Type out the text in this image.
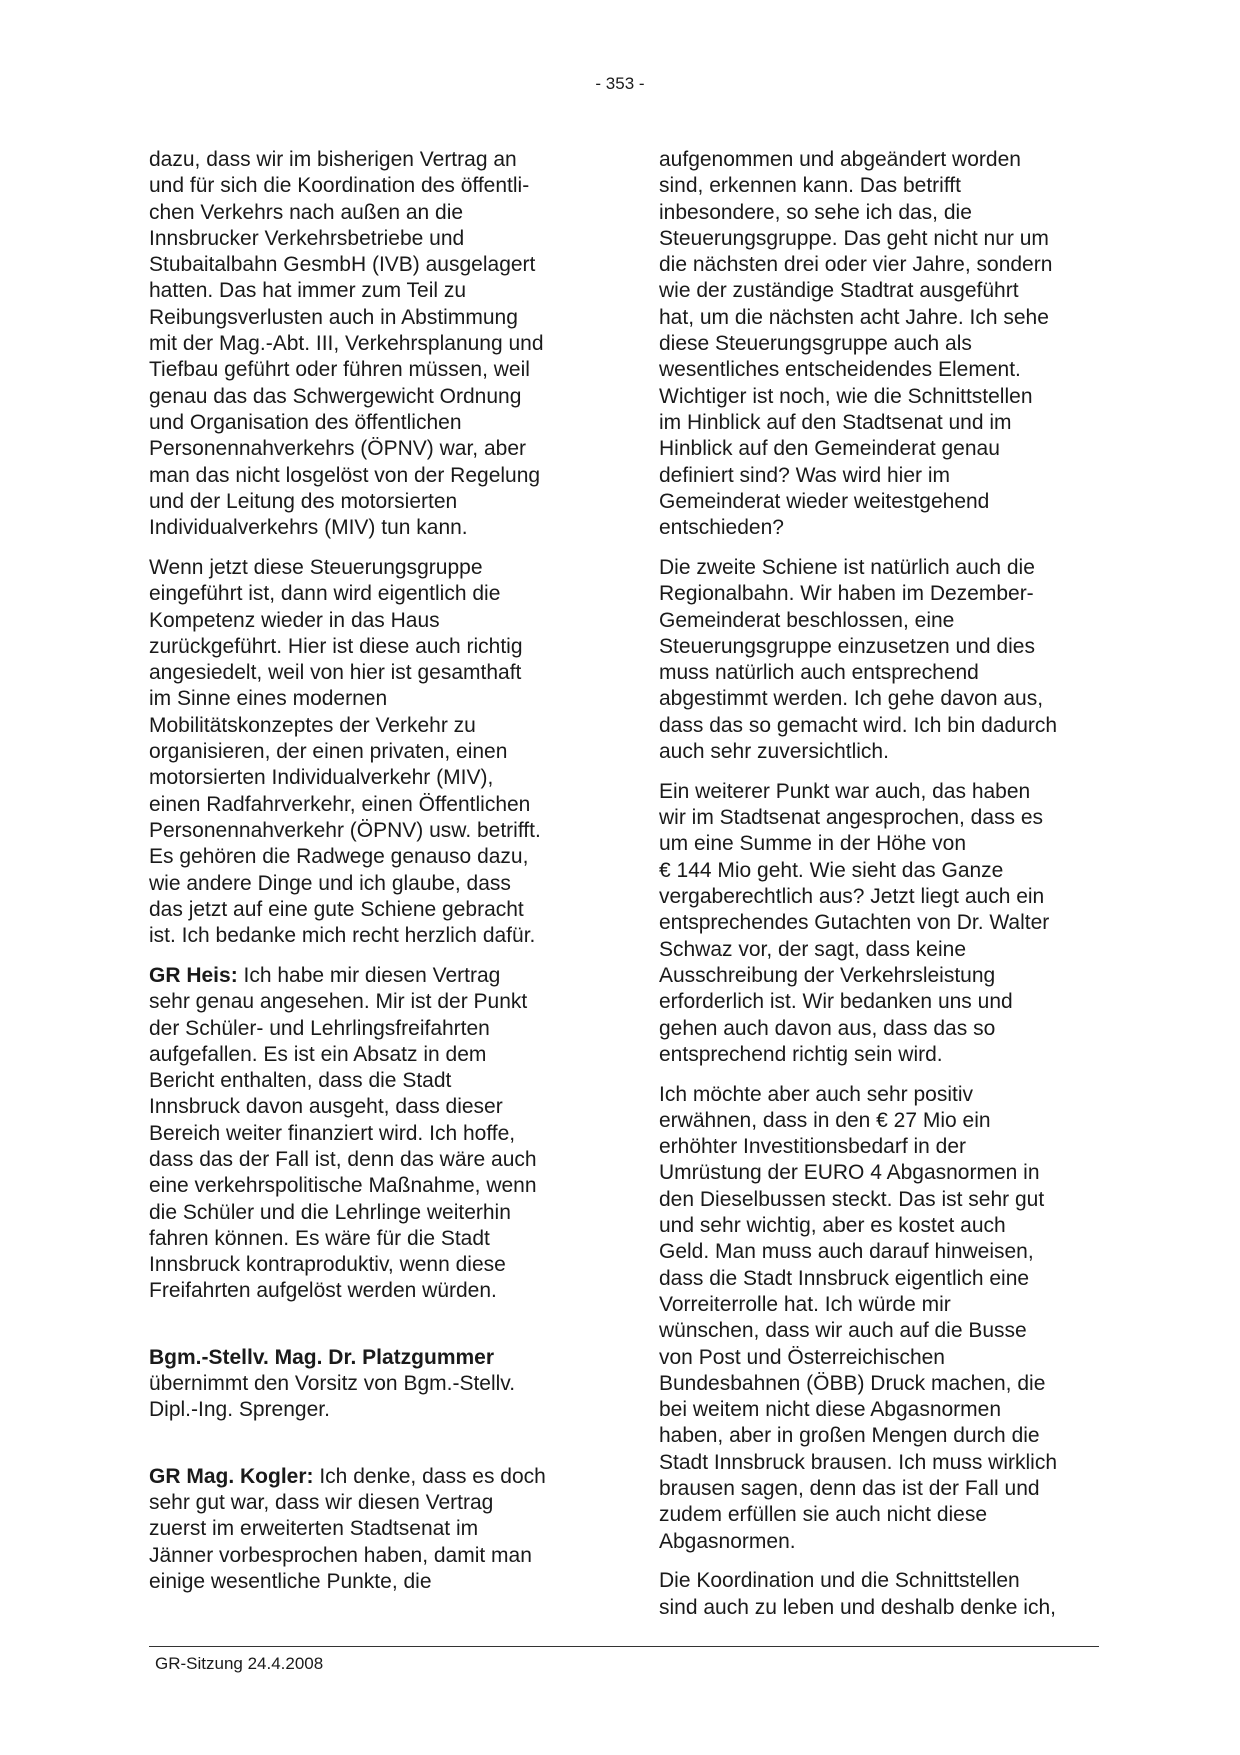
- 353 -
dazu, dass wir im bisherigen Vertrag an
und für sich die Koordination des öffentli-
chen Verkehrs nach außen an die
Innsbrucker Verkehrsbetriebe und
Stubaitalbahn GesmbH (IVB) ausgelagert
hatten. Das hat immer zum Teil zu
Reibungsverlusten auch in Abstimmung
mit der Mag.-Abt. III, Verkehrsplanung und
Tiefbau geführt oder führen müssen, weil
genau das das Schwergewicht Ordnung
und Organisation des öffentlichen
Personennahverkehrs (ÖPNV) war, aber
man das nicht losgelöst von der Regelung
und der Leitung des motorsierten
Individualverkehrs (MIV) tun kann.
Wenn jetzt diese Steuerungsgruppe
eingeführt ist, dann wird eigentlich die
Kompetenz wieder in das Haus
zurückgeführt. Hier ist diese auch richtig
angesiedelt, weil von hier ist gesamthaft
im Sinne eines modernen
Mobilitätskonzeptes der Verkehr zu
organisieren, der einen privaten, einen
motorsierten Individualverkehr (MIV),
einen Radfahrverkehr, einen Öffentlichen
Personennahverkehr (ÖPNV) usw. betrifft.
Es gehören die Radwege genauso dazu,
wie andere Dinge und ich glaube, dass
das jetzt auf eine gute Schiene gebracht
ist. Ich bedanke mich recht herzlich dafür.
GR Heis: Ich habe mir diesen Vertrag
sehr genau angesehen. Mir ist der Punkt
der Schüler- und Lehrlingsfreifahrten
aufgefallen. Es ist ein Absatz in dem
Bericht enthalten, dass die Stadt
Innsbruck davon ausgeht, dass dieser
Bereich weiter finanziert wird. Ich hoffe,
dass das der Fall ist, denn das wäre auch
eine verkehrspolitische Maßnahme, wenn
die Schüler und die Lehrlinge weiterhin
fahren können. Es wäre für die Stadt
Innsbruck kontraproduktiv, wenn diese
Freifahrten aufgelöst werden würden.
Bgm.-Stellv. Mag. Dr. Platzgummer
übernimmt den Vorsitz von Bgm.-Stellv.
Dipl.-Ing. Sprenger.
GR Mag. Kogler: Ich denke, dass es doch
sehr gut war, dass wir diesen Vertrag
zuerst im erweiterten Stadtsenat im
Jänner vorbesprochen haben, damit man
einige wesentliche Punkte, die
aufgenommen und abgeändert worden
sind, erkennen kann. Das betrifft
inbesondere, so sehe ich das, die
Steuerungsgruppe. Das geht nicht nur um
die nächsten drei oder vier Jahre, sondern
wie der zuständige Stadtrat ausgeführt
hat, um die nächsten acht Jahre. Ich sehe
diese Steuerungsgruppe auch als
wesentliches entscheidendes Element.
Wichtiger ist noch, wie die Schnittstellen
im Hinblick auf den Stadtsenat und im
Hinblick auf den Gemeinderat genau
definiert sind? Was wird hier im
Gemeinderat wieder weitestgehend
entschieden?
Die zweite Schiene ist natürlich auch die
Regionalbahn. Wir haben im Dezember-
Gemeinderat beschlossen, eine
Steuerungsgruppe einzusetzen und dies
muss natürlich auch entsprechend
abgestimmt werden. Ich gehe davon aus,
dass das so gemacht wird. Ich bin dadurch
auch sehr zuversichtlich.
Ein weiterer Punkt war auch, das haben
wir im Stadtsenat angesprochen, dass es
um eine Summe in der Höhe von
€ 144 Mio geht. Wie sieht das Ganze
vergaberechtlich aus? Jetzt liegt auch ein
entsprechendes Gutachten von Dr. Walter
Schwaz vor, der sagt, dass keine
Ausschreibung der Verkehrsleistung
erforderlich ist. Wir bedanken uns und
gehen auch davon aus, dass das so
entsprechend richtig sein wird.
Ich möchte aber auch sehr positiv
erwähnen, dass in den € 27 Mio ein
erhöhter Investitionsbedarf in der
Umrüstung der EURO 4 Abgasnormen in
den Dieselbussen steckt. Das ist sehr gut
und sehr wichtig, aber es kostet auch
Geld. Man muss auch darauf hinweisen,
dass die Stadt Innsbruck eigentlich eine
Vorreiterrolle hat. Ich würde mir
wünschen, dass wir auch auf die Busse
von Post und Österreichischen
Bundesbahnen (ÖBB) Druck machen, die
bei weitem nicht diese Abgasnormen
haben, aber in großen Mengen durch die
Stadt Innsbruck brausen. Ich muss wirklich
brausen sagen, denn das ist der Fall und
zudem erfüllen sie auch nicht diese
Abgasnormen.
Die Koordination und die Schnittstellen
sind auch zu leben und deshalb denke ich,
GR-Sitzung 24.4.2008
